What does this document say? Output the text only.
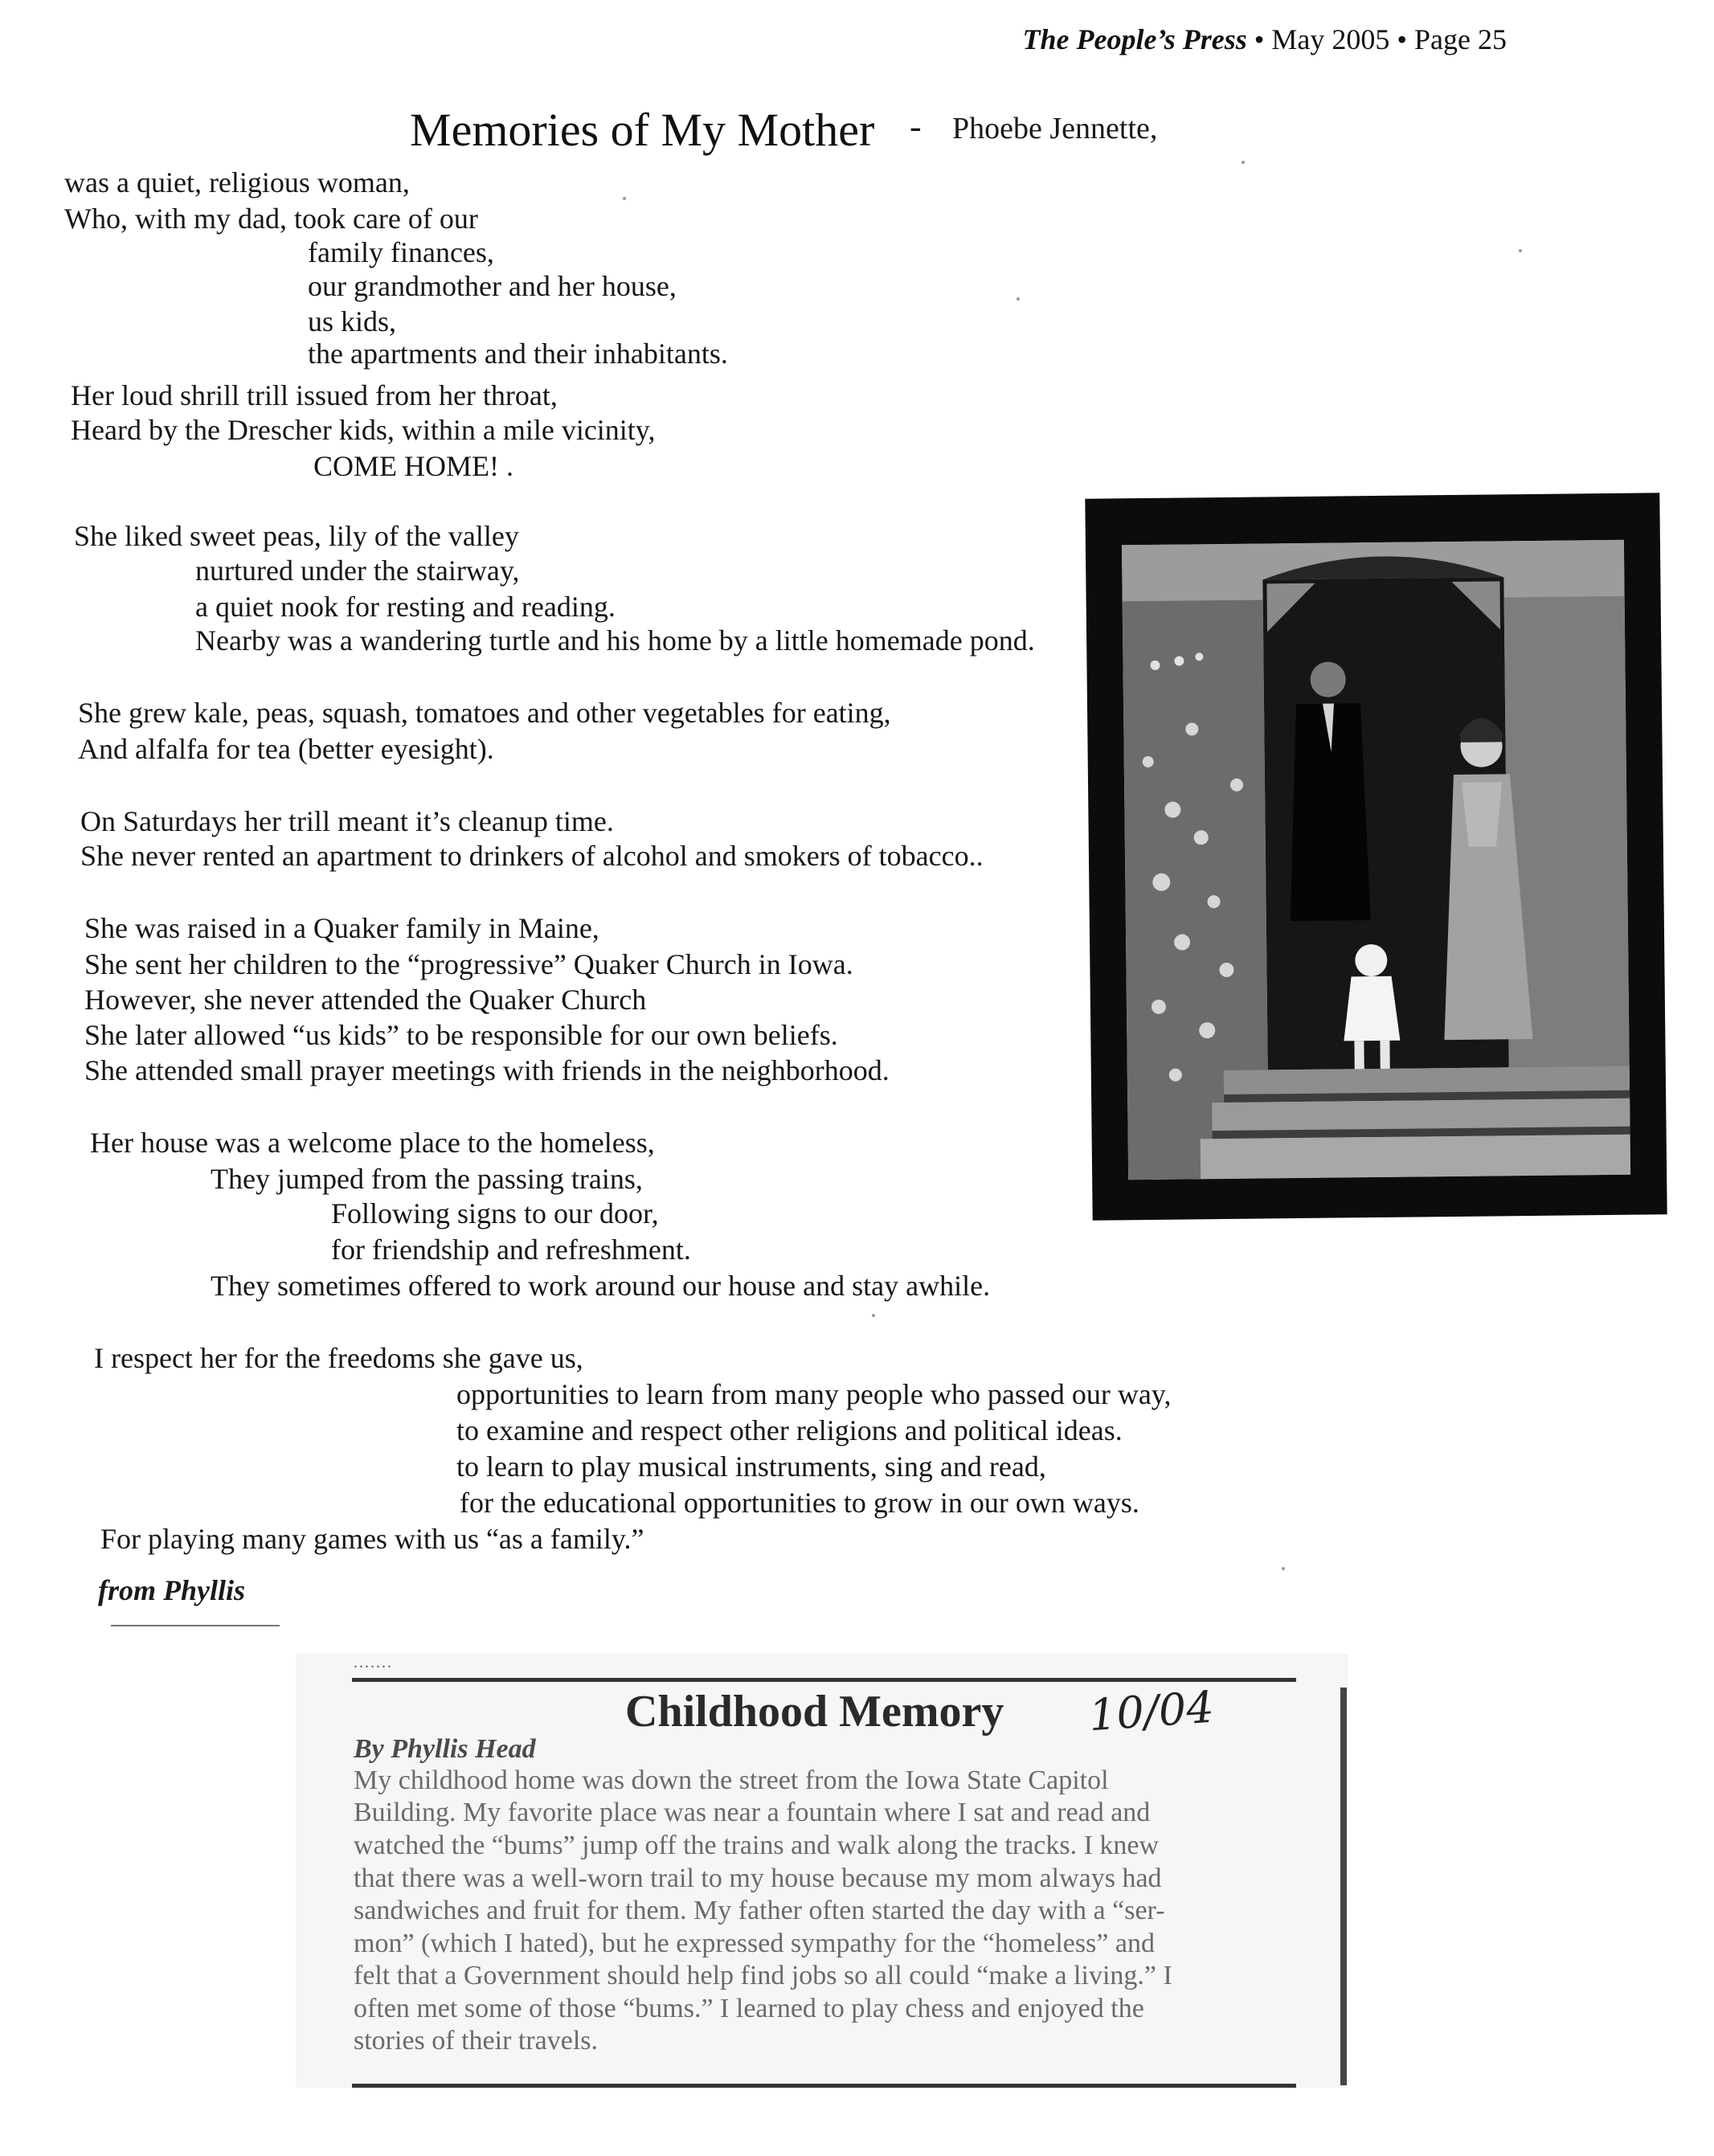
The People’s Press • May 2005 • Page 25
Memories of My Mother - Phoebe Jennette,
was a quiet, religious woman,
Who, with my dad, took care of our
family finances,
our grandmother and her house,
us kids,
the apartments and their inhabitants.
Her loud shrill trill issued from her throat,
Heard by the Drescher kids, within a mile vicinity,
COME HOME! .
She liked sweet peas, lily of the valley
nurtured under the stairway,
a quiet nook for resting and reading.
Nearby was a wandering turtle and his home by a little homemade pond.
She grew kale, peas, squash, tomatoes and other vegetables for eating,
And alfalfa for tea (better eyesight).
On Saturdays her trill meant it’s cleanup time.
She never rented an apartment to drinkers of alcohol and smokers of tobacco..
She was raised in a Quaker family in Maine,
She sent her children to the “progressive” Quaker Church in Iowa.
However, she never attended the Quaker Church
She later allowed “us kids” to be responsible for our own beliefs.
She attended small prayer meetings with friends in the neighborhood.
Her house was a welcome place to the homeless,
They jumped from the passing trains,
Following signs to our door,
for friendship and refreshment.
They sometimes offered to work around our house and stay awhile.
I respect her for the freedoms she gave us,
opportunities to learn from many people who passed our way,
to examine and respect other religions and political ideas.
to learn to play musical instruments, sing and read,
for the educational opportunities to grow in our own ways.
For playing many games with us “as a family.”
from Phyllis
.......
Childhood Memory 10/04
By Phyllis Head
My childhood home was down the street from the Iowa State Capitol
Building. My favorite place was near a fountain where I sat and read and
watched the “bums” jump off the trains and walk along the tracks. I knew
that there was a well-worn trail to my house because my mom always had
sandwiches and fruit for them. My father often started the day with a “ser-
mon” (which I hated), but he expressed sympathy for the “homeless” and
felt that a Government should help find jobs so all could “make a living.” I
often met some of those “bums.” I learned to play chess and enjoyed the
stories of their travels.
